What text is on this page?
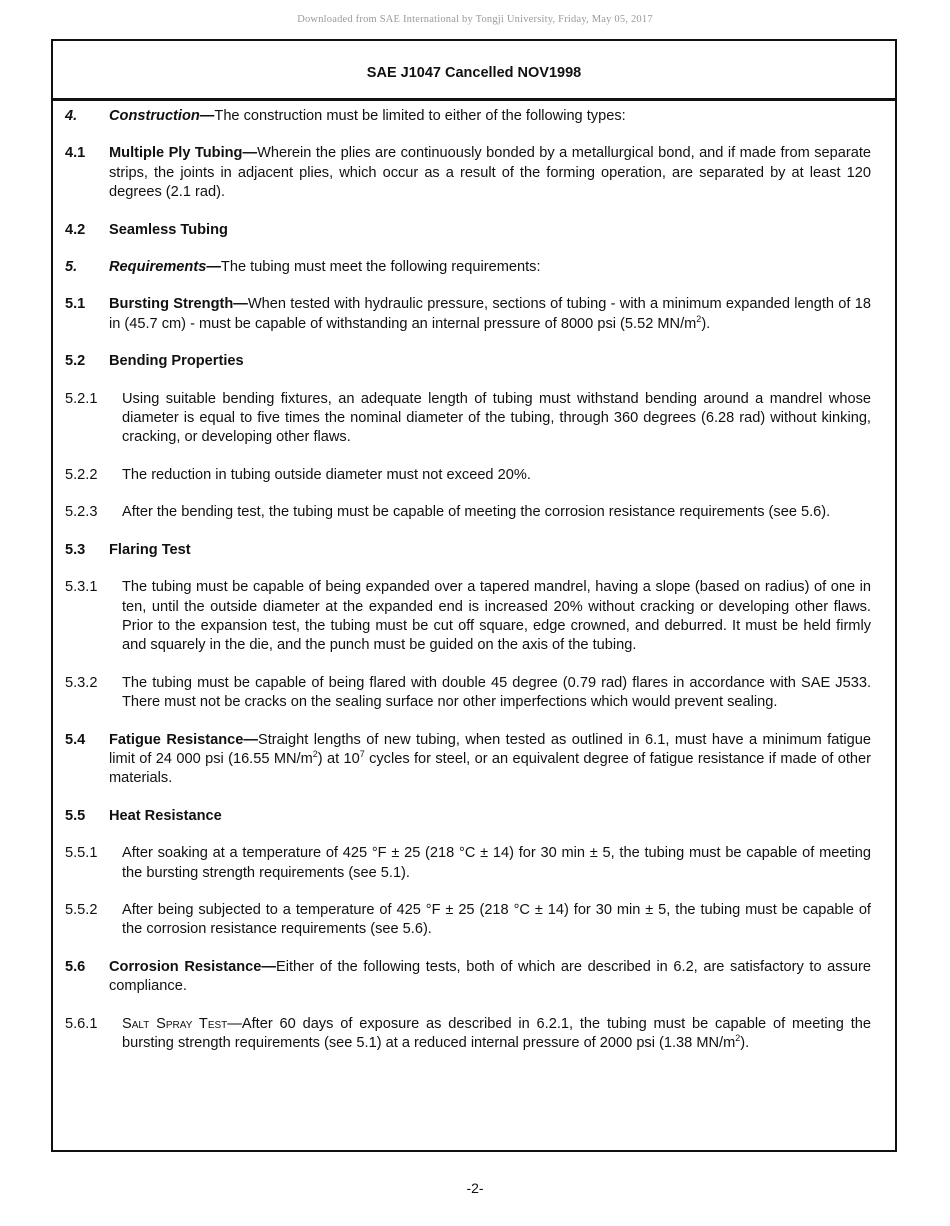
Downloaded from SAE International by Tongji University, Friday, May 05, 2017
SAE J1047 Cancelled NOV1998
4.	Construction—The construction must be limited to either of the following types:
4.1	Multiple Ply Tubing—Wherein the plies are continuously bonded by a metallurgical bond, and if made from separate strips, the joints in adjacent plies, which occur as a result of the forming operation, are separated by at least 120 degrees (2.1 rad).
4.2	Seamless Tubing
5.	Requirements—The tubing must meet the following requirements:
5.1	Bursting Strength—When tested with hydraulic pressure, sections of tubing - with a minimum expanded length of 18 in (45.7 cm) - must be capable of withstanding an internal pressure of 8000 psi (5.52 $MN/m^2$).
5.2	Bending Properties
5.2.1	Using suitable bending fixtures, an adequate length of tubing must withstand bending around a mandrel whose diameter is equal to five times the nominal diameter of the tubing, through 360 degrees (6.28 rad) without kinking, cracking, or developing other flaws.
5.2.2	The reduction in tubing outside diameter must not exceed 20%.
5.2.3	After the bending test, the tubing must be capable of meeting the corrosion resistance requirements (see 5.6).
5.3	Flaring Test
5.3.1	The tubing must be capable of being expanded over a tapered mandrel, having a slope (based on radius) of one in ten, until the outside diameter at the expanded end is increased 20% without cracking or developing other flaws. Prior to the expansion test, the tubing must be cut off square, edge crowned, and deburred. It must be held firmly and squarely in the die, and the punch must be guided on the axis of the tubing.
5.3.2	The tubing must be capable of being flared with double 45 degree (0.79 rad) flares in accordance with SAE J533. There must not be cracks on the sealing surface nor other imperfections which would prevent sealing.
5.4	Fatigue Resistance—Straight lengths of new tubing, when tested as outlined in 6.1, must have a minimum fatigue limit of 24 000 psi (16.55 $MN/m^2$) at $10^7$ cycles for steel, or an equivalent degree of fatigue resistance if made of other materials.
5.5	Heat Resistance
5.5.1	After soaking at a temperature of 425 °F ± 25 (218 °C ± 14) for 30 min ± 5, the tubing must be capable of meeting the bursting strength requirements (see 5.1).
5.5.2	After being subjected to a temperature of 425 °F ± 25 (218 °C ± 14) for 30 min ± 5, the tubing must be capable of the corrosion resistance requirements (see 5.6).
5.6	Corrosion Resistance—Either of the following tests, both of which are described in 6.2, are satisfactory to assure compliance.
5.6.1	Salt Spray Test—After 60 days of exposure as described in 6.2.1, the tubing must be capable of meeting the bursting strength requirements (see 5.1) at a reduced internal pressure of 2000 psi (1.38 $MN/m^2$).
-2-
